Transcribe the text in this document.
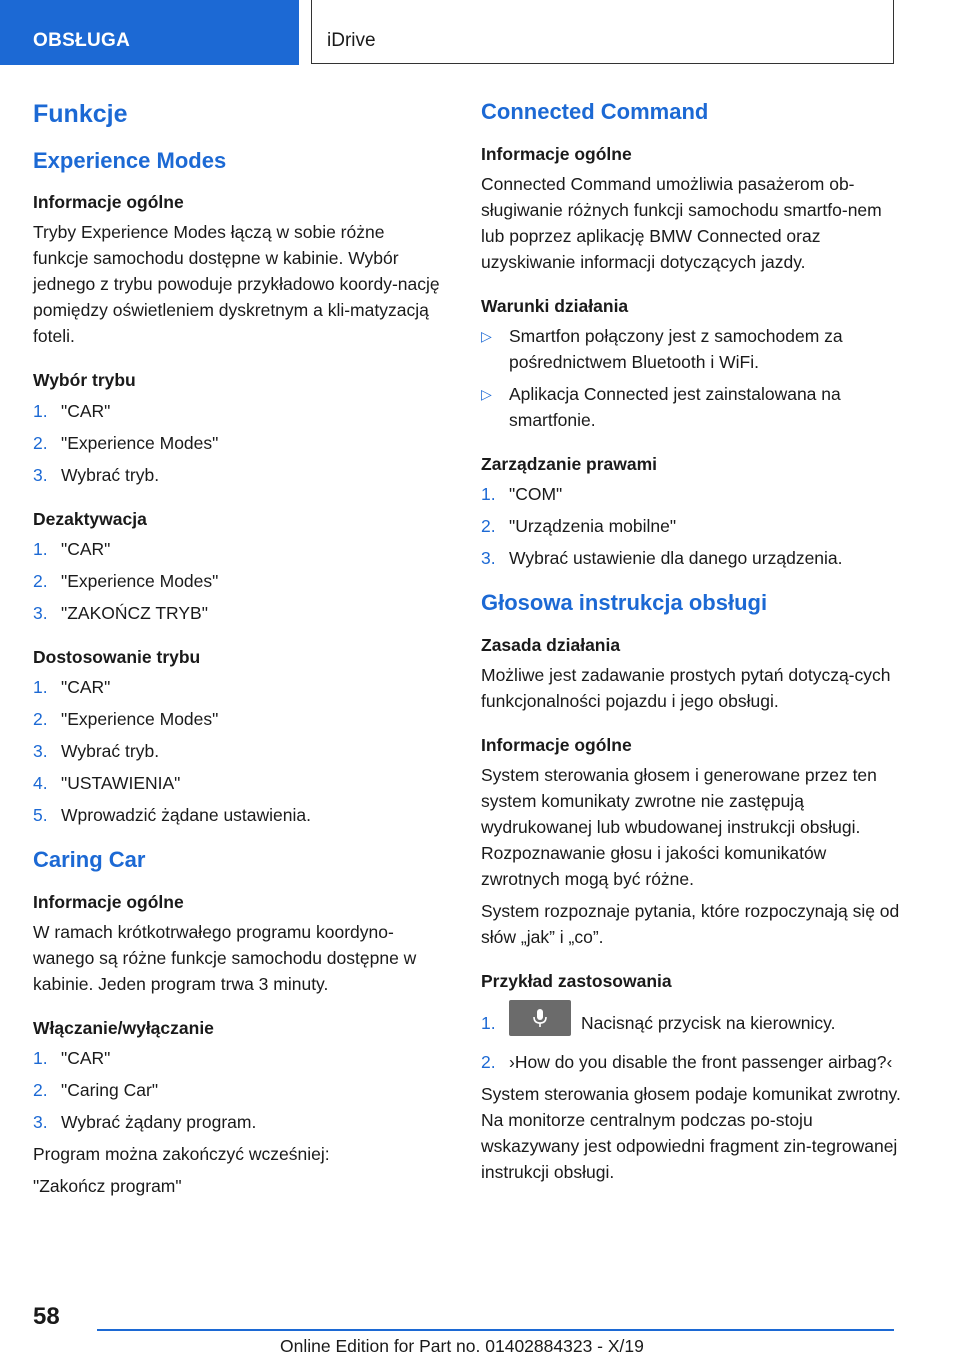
OBSŁUGA	iDrive
Funkcje
Experience Modes
Informacje ogólne
Tryby Experience Modes łączą w sobie różne funkcje samochodu dostępne w kabinie. Wybór jednego z trybu powoduje przykładowo koordy-nację pomiędzy oświetleniem dyskretnym a kli-matyzacją foteli.
Wybór trybu
1. "CAR"
2. "Experience Modes"
3. Wybrać tryb.
Dezaktywacja
1. "CAR"
2. "Experience Modes"
3. "ZAKOŃCZ TRYB"
Dostosowanie trybu
1. "CAR"
2. "Experience Modes"
3. Wybrać tryb.
4. "USTAWIENIA"
5. Wprowadzić żądane ustawienia.
Caring Car
Informacje ogólne
W ramach krótkotrwałego programu koordyno-wanego są różne funkcje samochodu dostępne w kabinie. Jeden program trwa 3 minuty.
Włączanie/wyłączanie
1. "CAR"
2. "Caring Car"
3. Wybrać żądany program.
Program można zakończyć wcześniej:
"Zakończ program"
Connected Command
Informacje ogólne
Connected Command umożliwia pasażerom ob-sługiwanie różnych funkcji samochodu smartfo-nem lub poprzez aplikację BMW Connected oraz uzyskiwanie informacji dotyczących jazdy.
Warunki działania
▷ Smartfon połączony jest z samochodem za pośrednictwem Bluetooth i WiFi.
▷ Aplikacja Connected jest zainstalowana na smartfonie.
Zarządzanie prawami
1. "COM"
2. "Urządzenia mobilne"
3. Wybrać ustawienie dla danego urządzenia.
Głosowa instrukcja obsługi
Zasada działania
Możliwe jest zadawanie prostych pytań dotyczą-cych funkcjonalności pojazdu i jego obsługi.
Informacje ogólne
System sterowania głosem i generowane przez ten system komunikaty zwrotne nie zastępują wydrukowanej lub wbudowanej instrukcji obsługi. Rozpoznawanie głosu i jakości komunikatów zwrotnych mogą być różne.
System rozpoznaje pytania, które rozpoczynają się od słów „jak” i „co”.
Przykład zastosowania
1.	Nacisnąć przycisk na kierownicy.
2. ›How do you disable the front passenger airbag?‹
System sterowania głosem podaje komunikat zwrotny. Na monitorze centralnym podczas po-stoju wskazywany jest odpowiedni fragment zin-tegrowanej instrukcji obsługi.
58
Online Edition for Part no. 01402884323 - X/19
